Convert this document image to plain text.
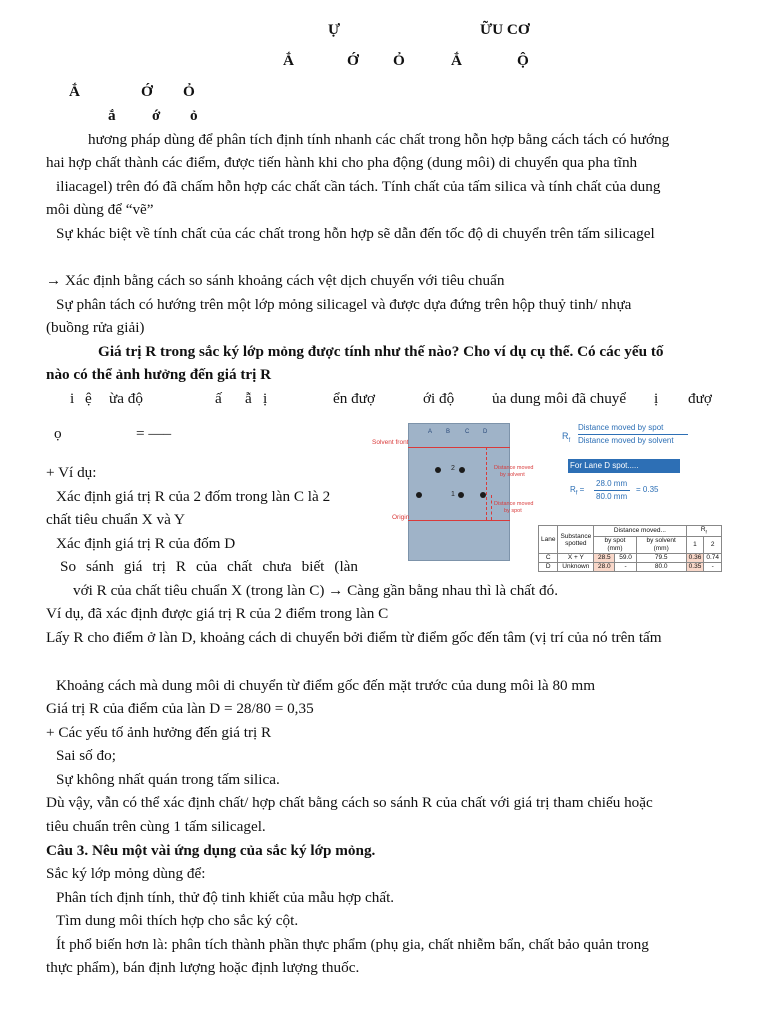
Ự	ỮU CƠ
Ắ	Ớ Ỏ	Ắ	Ộ
Ắ	Ớ Ỏ
ắ ớ ỏ
hương pháp dùng để phân tích định tính nhanh các chất trong hỗn hợp bằng cách tách có hướng
hai hợp chất thành các điểm, được tiến hành khi cho pha động (dung môi) di chuyển qua pha tĩnh
iliacagel) trên đó đã chấm hỗn hợp các chất cần tách. Tính chất của tấm silica và tính chất của dung
môi dùng để “vẽ”
Sự khác biệt về tính chất của các chất trong hỗn hợp sẽ dẫn đến tốc độ di chuyển trên tấm silicagel
→ Xác định bằng cách so sánh khoảng cách vệt dịch chuyển với tiêu chuẩn
Sự phân tách có hướng trên một lớp mỏng silicagel và được dựa đứng trên hộp thuỷ tinh/ nhựa
(buồng rửa giải)
Giá trị R trong sắc ký lớp mỏng được tính như thế nào? Cho ví dụ cụ thể. Có các yếu tố
nào có thể ảnh hưởng đến giá trị R
i ệ ừa độ	ấ ẫ ị	ển đượ	ới độ ủa dung môi đã chuyể ị đượ
ọ	= —–
+ Ví dụ:
Xác định giá trị R của 2 đốm trong làn C là 2
chất tiêu chuẩn X và Y
Xác định giá trị R của đốm D
So sánh giá trị R của chất chưa biết (làn
với R của chất tiêu chuẩn X (trong làn C) → Càng gần bằng nhau thì là chất đó.
Ví dụ, đã xác định được giá trị R của 2 điểm trong làn C
Lấy R cho điểm ở làn D, khoảng cách di chuyển bởi điểm từ điểm gốc đến tâm (vị trí của nó trên tấm
Khoảng cách mà dung môi di chuyển từ điểm gốc đến mặt trước của dung môi là 80 mm
Giá trị R của điểm của làn D = 28/80 = 0,35
+ Các yếu tố ảnh hưởng đến giá trị R
Sai số đo;
Sự không nhất quán trong tấm silica.
Dù vậy, vẫn có thể xác định chất/ hợp chất bằng cách so sánh R của chất với giá trị tham chiếu hoặc
tiêu chuẩn trên cùng 1 tấm silicagel.
Câu 3. Nêu một vài ứng dụng của sắc ký lớp mỏng.
Sắc ký lớp mỏng dùng để:
Phân tích định tính, thử độ tinh khiết của mẫu hợp chất.
Tìm dung môi thích hợp cho sắc ký cột.
Ít phổ biến hơn là: phân tích thành phần thực phẩm (phụ gia, chất nhiễm bẩn, chất bảo quản trong
thực phẩm), bán định lượng hoặc định lượng thuốc.
A B C D
Solvent front
Origin
2
1
Distance moved
by solvent
Distance moved
by spot
$R_f$
Distance moved by spot
Distance moved by solvent
For Lane D spot.....
$R_f$ =
28.0 mm
80.0 mm
= 0.35
Lane	Substance spotted	Distance moved...			$R_f$
		by spot (mm)		by solvent (mm)	1	2
C	X + Y	28.5	59.0	79.5	0.36	0.74
D	Unknown	28.0	-	80.0	0.35	-
